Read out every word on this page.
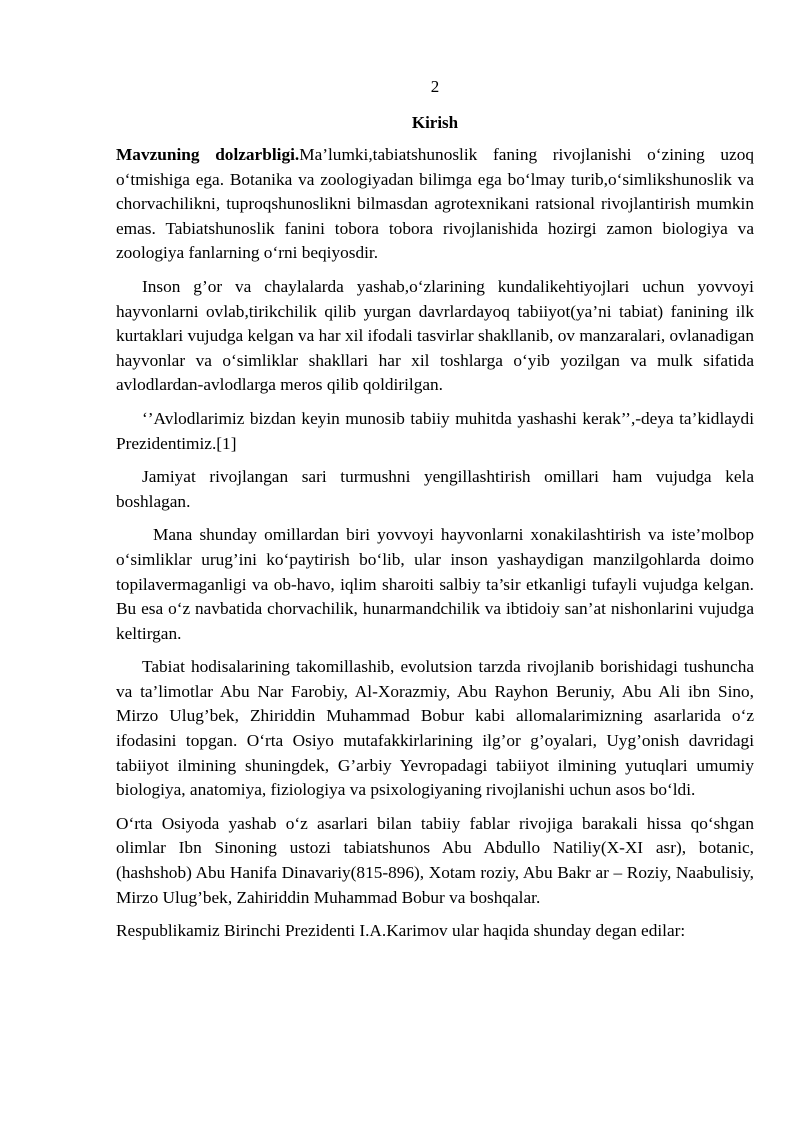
2
Kirish

Mavzuning dolzarbligi.Ma’lumki,tabiatshunoslik faning rivojlanishi o‘zining uzoq o‘tmishiga ega. Botanika va zoologiyadan bilimga ega bo‘lmay turib,o‘simlikshunoslik va chorvachilikni, tuproqshunoslikni bilmasdan agrotexnikani ratsional rivojlantirish mumkin emas. Tabiatshunoslik fanini tobora tobora rivojlanishida hozirgi zamon biologiya va zoologiya fanlarning o‘rni beqiyosdir.

Inson g’or va chaylalarda yashab,o‘zlarining kundalikehtiyojlari uchun yovvoyi hayvonlarni ovlab,tirikchilik qilib yurgan davrlardayoq tabiiyot(ya’ni tabiat) fanining ilk kurtaklari vujudga kelgan va har xil ifodali tasvirlar shakllanib, ov manzaralari, ovlanadigan hayvonlar va o‘simliklar shakllari har xil toshlarga o‘yib yozilgan va mulk sifatida avlodlardan-avlodlarga meros qilib qoldirilgan.

‘’Avlodlarimiz bizdan keyin munosib tabiiy muhitda yashashi kerak’’,-deya ta’kidlaydi Prezidentimiz.[1]

Jamiyat rivojlangan sari turmushni yengillashtirish omillari ham vujudga kela boshlagan.

Mana shunday omillardan biri yovvoyi hayvonlarni xonakilashtirish va iste’molbop o‘simliklar urug’ini ko‘paytirish bo‘lib, ular inson yashaydigan manzilgohlarda doimo topilavermaganligi va ob-havo, iqlim sharoiti salbiy ta’sir etkanligi tufayli vujudga kelgan. Bu esa o‘z navbatida chorvachilik, hunarmandchilik va ibtidoiy san’at nishonlarini vujudga keltirgan.

Tabiat hodisalarining takomillashib, evolutsion tarzda rivojlanib borishidagi tushuncha va ta’limotlar Abu Nar Farobiy, Al-Xorazmiy, Abu Rayhon Beruniy, Abu Ali ibn Sino, Mirzo Ulug’bek, Zhiriddin Muhammad Bobur kabi allomalarimizning asarlarida o‘z ifodasini topgan. O‘rta Osiyo mutafakkirlarining ilg’or g’oyalari, Uyg’onish davridagi tabiiyot ilmining shuningdek, G’arbiy Yevropadagi tabiiyot ilmining yutuqlari umumiy biologiya, anatomiya, fiziologiya va psixologiyaning rivojlanishi uchun asos bo‘ldi.

O‘rta Osiyoda yashab o‘z asarlari bilan tabiiy fablar rivojiga barakali hissa qo‘shgan olimlar Ibn Sinoning ustozi tabiatshunos Abu Abdullo Natiliy(X-XI asr), botanic, (hashshob) Abu Hanifa Dinavariy(815-896), Xotam roziy, Abu Bakr ar – Roziy, Naabulisiy, Mirzo Ulug’bek, Zahiriddin Muhammad Bobur va boshqalar.

Respublikamiz Birinchi Prezidenti I.A.Karimov ular haqida shunday degan edilar:
